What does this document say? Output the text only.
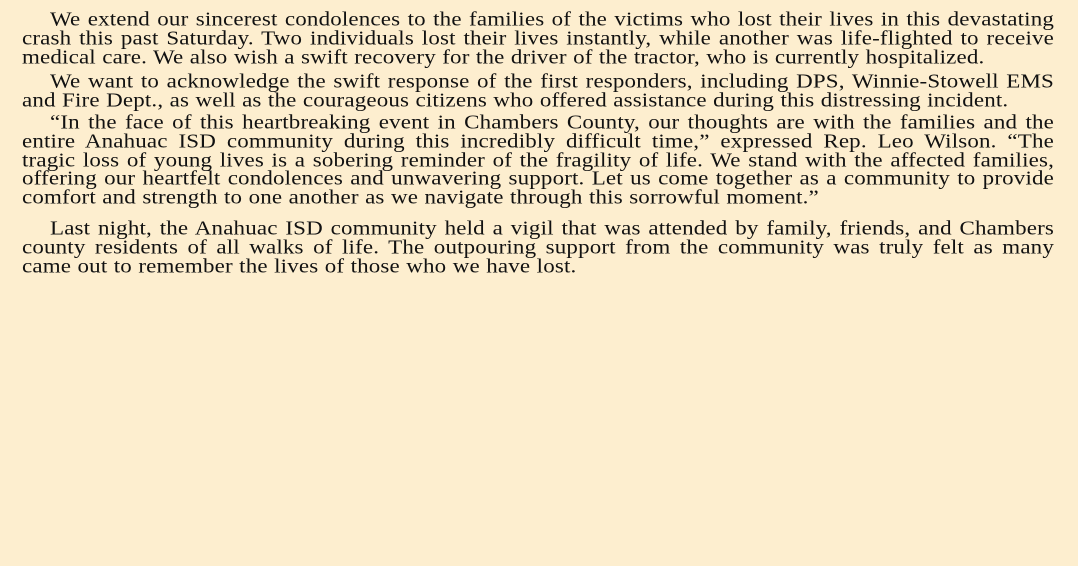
We extend our sincerest condolences to the families of the victims who lost their lives in this devastating crash this past Saturday. Two individuals lost their lives instantly, while another was life-flighted to receive medical care. We also wish a swift recovery for the driver of the tractor, who is currently hospitalized.

We want to acknowledge the swift response of the first responders, including DPS, Winnie-Stowell EMS and Fire Dept., as well as the courageous citizens who offered assistance during this distressing incident.

“In the face of this heartbreaking event in Chambers County, our thoughts are with the families and the entire Anahuac ISD community during this incredibly difficult time,” expressed Rep. Leo Wilson. “The tragic loss of young lives is a sobering reminder of the fragility of life. We stand with the affected families, offering our heartfelt condolences and unwavering support. Let us come together as a community to provide comfort and strength to one another as we navigate through this sorrowful moment.”

Last night, the Anahuac ISD community held a vigil that was attended by family, friends, and Chambers county residents of all walks of life. The outpouring support from the community was truly felt as many came out to remember the lives of those who we have lost.
